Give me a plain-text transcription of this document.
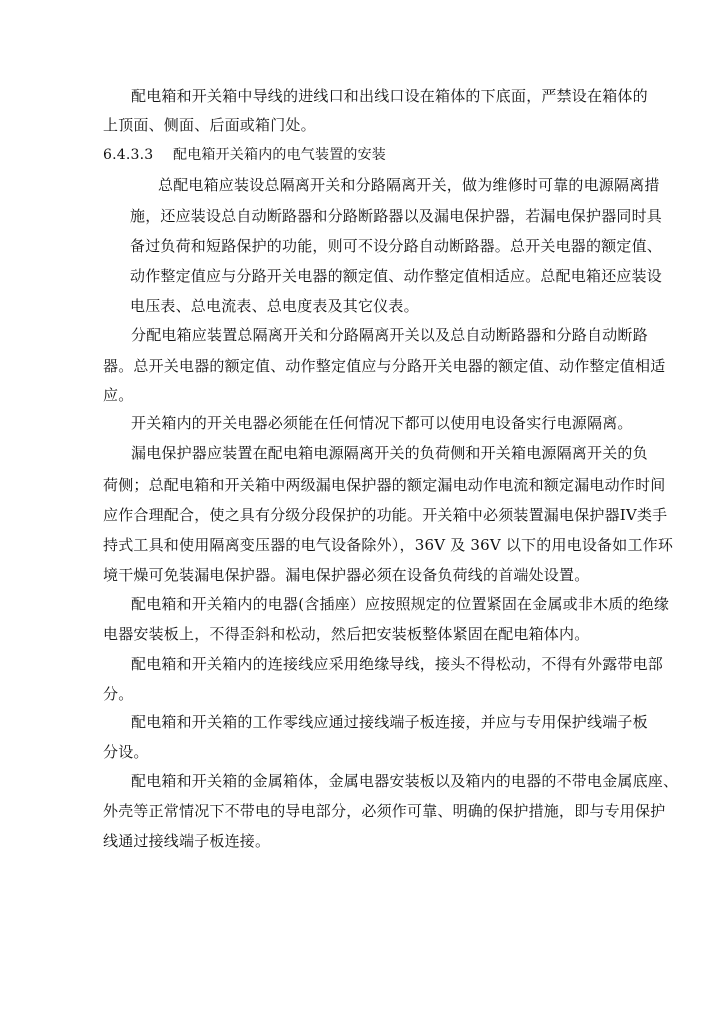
配电箱和开关箱中导线的进线口和出线口设在箱体的下底面，严禁设在箱体的
上顶面、侧面、后面或箱门处。
6.4.3.3 配电箱开关箱内的电气装置的安装
总配电箱应装设总隔离开关和分路隔离开关，做为维修时可靠的电源隔离措
施，还应装设总自动断路器和分路断路器以及漏电保护器，若漏电保护器同时具
备过负荷和短路保护的功能，则可不设分路自动断路器。总开关电器的额定值、
动作整定值应与分路开关电器的额定值、动作整定值相适应。总配电箱还应装设
电压表、总电流表、总电度表及其它仪表。
分配电箱应装置总隔离开关和分路隔离开关以及总自动断路器和分路自动断路
器。总开关电器的额定值、动作整定值应与分路开关电器的额定值、动作整定值相适
应。
开关箱内的开关电器必须能在任何情况下都可以使用电设备实行电源隔离。
漏电保护器应装置在配电箱电源隔离开关的负荷侧和开关箱电源隔离开关的负
荷侧；总配电箱和开关箱中两级漏电保护器的额定漏电动作电流和额定漏电动作时间
应作合理配合，使之具有分级分段保护的功能。开关箱中必须装置漏电保护器IV类手
持式工具和使用隔离变压器的电气设备除外），36V 及 36V 以下的用电设备如工作环
境干燥可免装漏电保护器。漏电保护器必须在设备负荷线的首端处设置。
配电箱和开关箱内的电器(含插座）应按照规定的位置紧固在金属或非木质的绝缘
电器安装板上，不得歪斜和松动，然后把安装板整体紧固在配电箱体内。
配电箱和开关箱内的连接线应采用绝缘导线，接头不得松动，不得有外露带电部
分。
配电箱和开关箱的工作零线应通过接线端子板连接，并应与专用保护线端子板
分设。
配电箱和开关箱的金属箱体，金属电器安装板以及箱内的电器的不带电金属底座、
外壳等正常情况下不带电的导电部分，必须作可靠、明确的保护措施，即与专用保护
线通过接线端子板连接。
